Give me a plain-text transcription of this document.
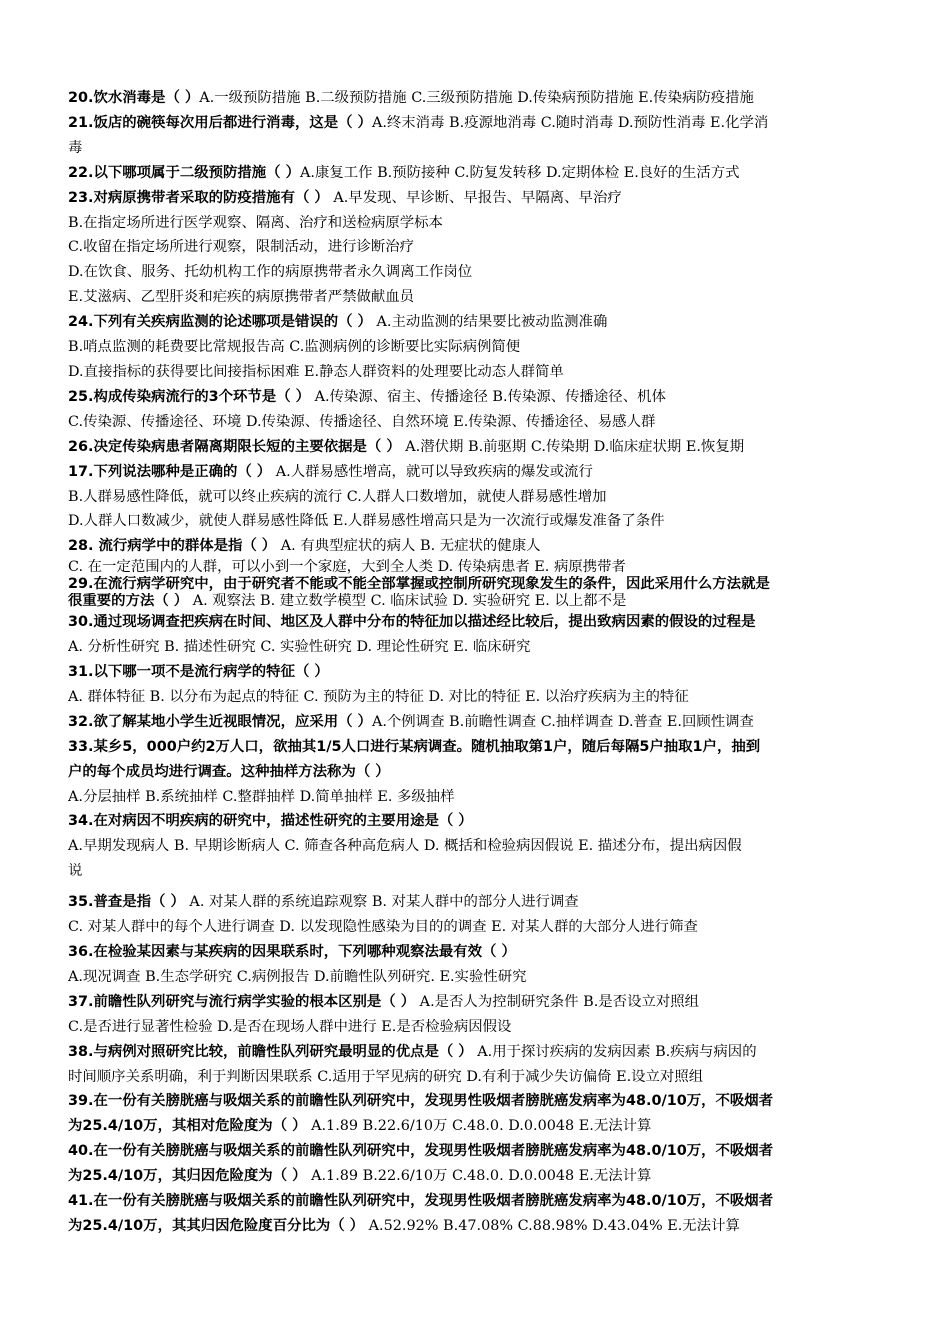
20.饮水消毒是（ ）A.一级预防措施 B.二级预防措施 C.三级预防措施 D.传染病预防措施 E.传染病防疫措施
21.饭店的碗筷每次用后都进行消毒，这是（ ）A.终末消毒 B.疫源地消毒 C.随时消毒 D.预防性消毒 E.化学消
毒
22.以下哪项属于二级预防措施（ ）A.康复工作 B.预防接种 C.防复发转移 D.定期体检 E.良好的生活方式
23.对病原携带者采取的防疫措施有（ ） A.早发现、早诊断、早报告、早隔离、早治疗
B.在指定场所进行医学观察、隔离、治疗和送检病原学标本
C.收留在指定场所进行观察，限制活动，进行诊断治疗
D.在饮食、服务、托幼机构工作的病原携带者永久调离工作岗位
E.艾滋病、乙型肝炎和疟疾的病原携带者严禁做献血员
24.下列有关疾病监测的论述哪项是错误的（ ） A.主动监测的结果要比被动监测准确
B.哨点监测的耗费要比常规报告高 C.监测病例的诊断要比实际病例简便
D.直接指标的获得要比间接指标困难 E.静态人群资料的处理要比动态人群简单
25.构成传染病流行的3个环节是（ ） A.传染源、宿主、传播途径 B.传染源、传播途径、机体
C.传染源、传播途径、环境 D.传染源、传播途径、自然环境 E.传染源、传播途径、易感人群
26.决定传染病患者隔离期限长短的主要依据是（ ） A.潜伏期 B.前驱期 C.传染期 D.临床症状期 E.恢复期
17.下列说法哪种是正确的（ ） A.人群易感性增高，就可以导致疾病的爆发或流行
B.人群易感性降低，就可以终止疾病的流行 C.人群人口数增加，就使人群易感性增加
D.人群人口数减少，就使人群易感性降低 E.人群易感性增高只是为一次流行或爆发准备了条件
28. 流行病学中的群体是指（ ） A. 有典型症状的病人 B. 无症状的健康人
C. 在一定范围内的人群，可以小到一个家庭，大到全人类 D. 传染病患者 E. 病原携带者
29.在流行病学研究中，由于研究者不能或不能全部掌握或控制所研究现象发生的条件，因此采用什么方法就是
很重要的方法（ ） A. 观察法 B. 建立数学模型 C. 临床试验 D. 实验研究 E. 以上都不是
30.通过现场调查把疾病在时间、地区及人群中分布的特征加以描述经比较后，提出致病因素的假设的过程是
A. 分析性研究 B. 描述性研究 C. 实验性研究 D. 理论性研究 E. 临床研究
31.以下哪一项不是流行病学的特征（ ）
A. 群体特征 B. 以分布为起点的特征 C. 预防为主的特征 D. 对比的特征 E. 以治疗疾病为主的特征
32.欲了解某地小学生近视眼情况，应采用（ ）A.个例调查 B.前瞻性调查 C.抽样调查 D.普查 E.回顾性调查
33.某乡5，000户约2万人口，欲抽其1/5人口进行某病调查。随机抽取第1户，随后每隔5户抽取1户，抽到
户的每个成员均进行调查。这种抽样方法称为（ ）
A.分层抽样 B.系统抽样 C.整群抽样 D.简单抽样 E. 多级抽样
34.在对病因不明疾病的研究中，描述性研究的主要用途是（ ）
A.早期发现病人 B. 早期诊断病人 C. 筛查各种高危病人 D. 概括和检验病因假说 E. 描述分布，提出病因假
说
35.普查是指（ ） A. 对某人群的系统追踪观察 B. 对某人群中的部分人进行调查
C. 对某人群中的每个人进行调查 D. 以发现隐性感染为目的的调查 E. 对某人群的大部分人进行筛查
36.在检验某因素与某疾病的因果联系时，下列哪种观察法最有效（ ）
A.现况调查 B.生态学研究 C.病例报告 D.前瞻性队列研究. E.实验性研究
37.前瞻性队列研究与流行病学实验的根本区别是（ ） A.是否人为控制研究条件 B.是否设立对照组
C.是否进行显著性检验 D.是否在现场人群中进行 E.是否检验病因假设
38.与病例对照研究比较，前瞻性队列研究最明显的优点是（ ） A.用于探讨疾病的发病因素 B.疾病与病因的
时间顺序关系明确，利于判断因果联系 C.适用于罕见病的研究 D.有利于减少失访偏倚 E.设立对照组
39.在一份有关膀胱癌与吸烟关系的前瞻性队列研究中，发现男性吸烟者膀胱癌发病率为48.0/10万，不吸烟者
为25.4/10万，其相对危险度为（ ） A.1.89 B.22.6/10万 C.48.0. D.0.0048 E.无法计算
40.在一份有关膀胱癌与吸烟关系的前瞻性队列研究中，发现男性吸烟者膀胱癌发病率为48.0/10万，不吸烟者
为25.4/10万，其归因危险度为（ ） A.1.89 B.22.6/10万 C.48.0. D.0.0048 E.无法计算
41.在一份有关膀胱癌与吸烟关系的前瞻性队列研究中，发现男性吸烟者膀胱癌发病率为48.0/10万，不吸烟者
为25.4/10万，其其归因危险度百分比为（ ） A.52.92% B.47.08% C.88.98% D.43.04% E.无法计算
